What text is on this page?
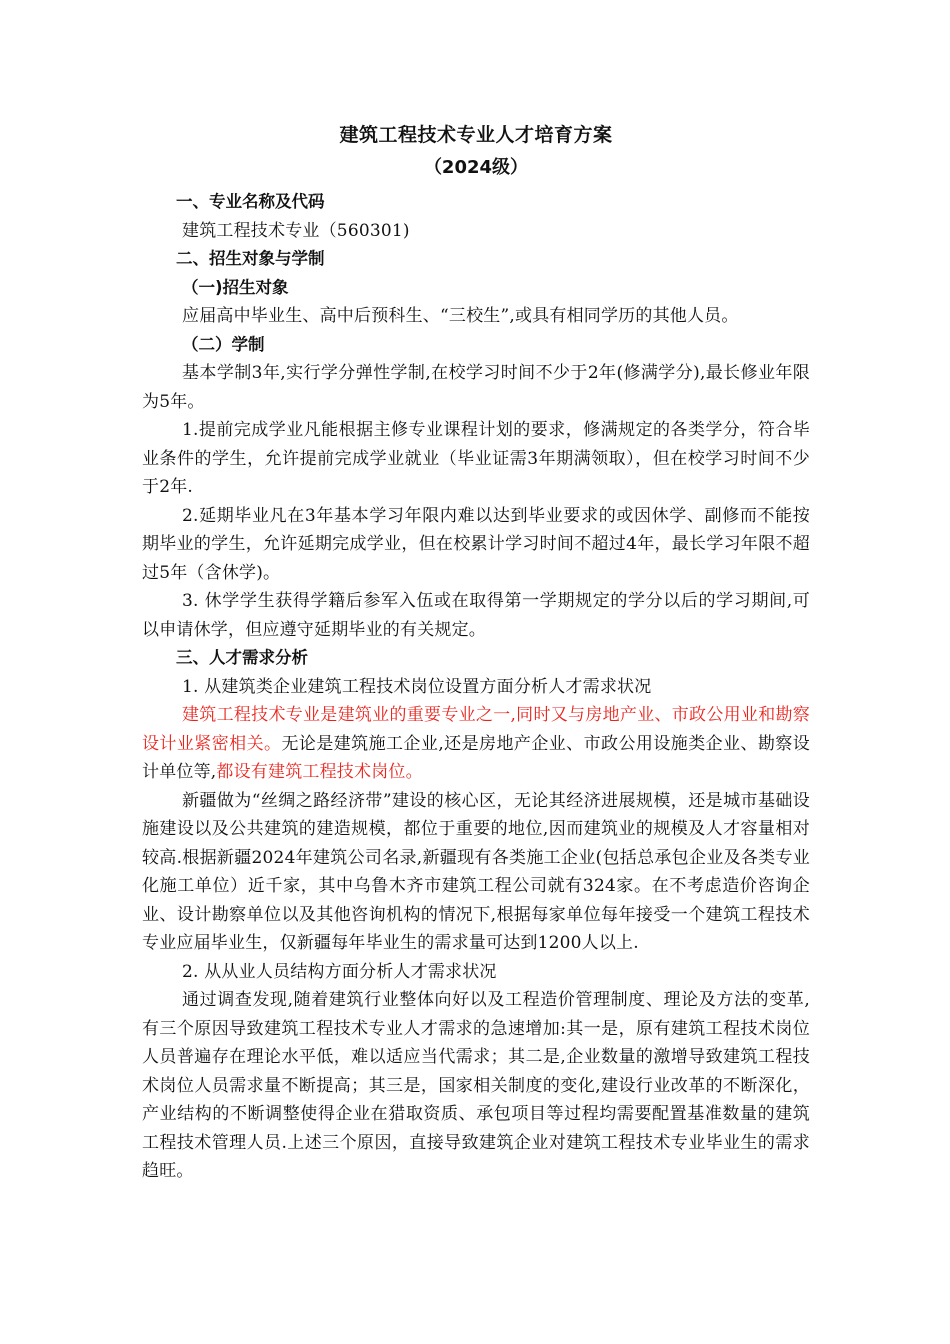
建筑工程技术专业人才培育方案
（2024级）
一、专业名称及代码
建筑工程技术专业（560301)
二、招生对象与学制
（一)招生对象
应届高中毕业生、高中后预科生、“三校生”,或具有相同学历的其他人员。
（二）学制
基本学制3年,实行学分弹性学制,在校学习时间不少于2年(修满学分),最长修业年限为5年。
1.提前完成学业凡能根据主修专业课程计划的要求，修满规定的各类学分，符合毕业条件的学生，允许提前完成学业就业（毕业证需3年期满领取），但在校学习时间不少于2年.
2.延期毕业凡在3年基本学习年限内难以达到毕业要求的或因休学、副修而不能按期毕业的学生，允许延期完成学业，但在校累计学习时间不超过4年，最长学习年限不超过5年（含休学)。
3. 休学学生获得学籍后参军入伍或在取得第一学期规定的学分以后的学习期间,可以申请休学，但应遵守延期毕业的有关规定。
三、人才需求分析
1. 从建筑类企业建筑工程技术岗位设置方面分析人才需求状况
建筑工程技术专业是建筑业的重要专业之一,同时又与房地产业、市政公用业和勘察设计业紧密相关。无论是建筑施工企业,还是房地产企业、市政公用设施类企业、勘察设计单位等,都设有建筑工程技术岗位。
新疆做为“丝绸之路经济带”建设的核心区，无论其经济进展规模，还是城市基础设施建设以及公共建筑的建造规模，都位于重要的地位,因而建筑业的规模及人才容量相对较高.根据新疆2024年建筑公司名录,新疆现有各类施工企业(包括总承包企业及各类专业化施工单位）近千家，其中乌鲁木齐市建筑工程公司就有324家。在不考虑造价咨询企业、设计勘察单位以及其他咨询机构的情况下,根据每家单位每年接受一个建筑工程技术专业应届毕业生，仅新疆每年毕业生的需求量可达到1200人以上.
2. 从从业人员结构方面分析人才需求状况
通过调查发现,随着建筑行业整体向好以及工程造价管理制度、理论及方法的变革,有三个原因导致建筑工程技术专业人才需求的急速增加:其一是，原有建筑工程技术岗位人员普遍存在理论水平低，难以适应当代需求；其二是,企业数量的激增导致建筑工程技术岗位人员需求量不断提高；其三是，国家相关制度的变化,建设行业改革的不断深化，产业结构的不断调整使得企业在猎取资质、承包项目等过程均需要配置基准数量的建筑工程技术管理人员.上述三个原因，直接导致建筑企业对建筑工程技术专业毕业生的需求趋旺。
